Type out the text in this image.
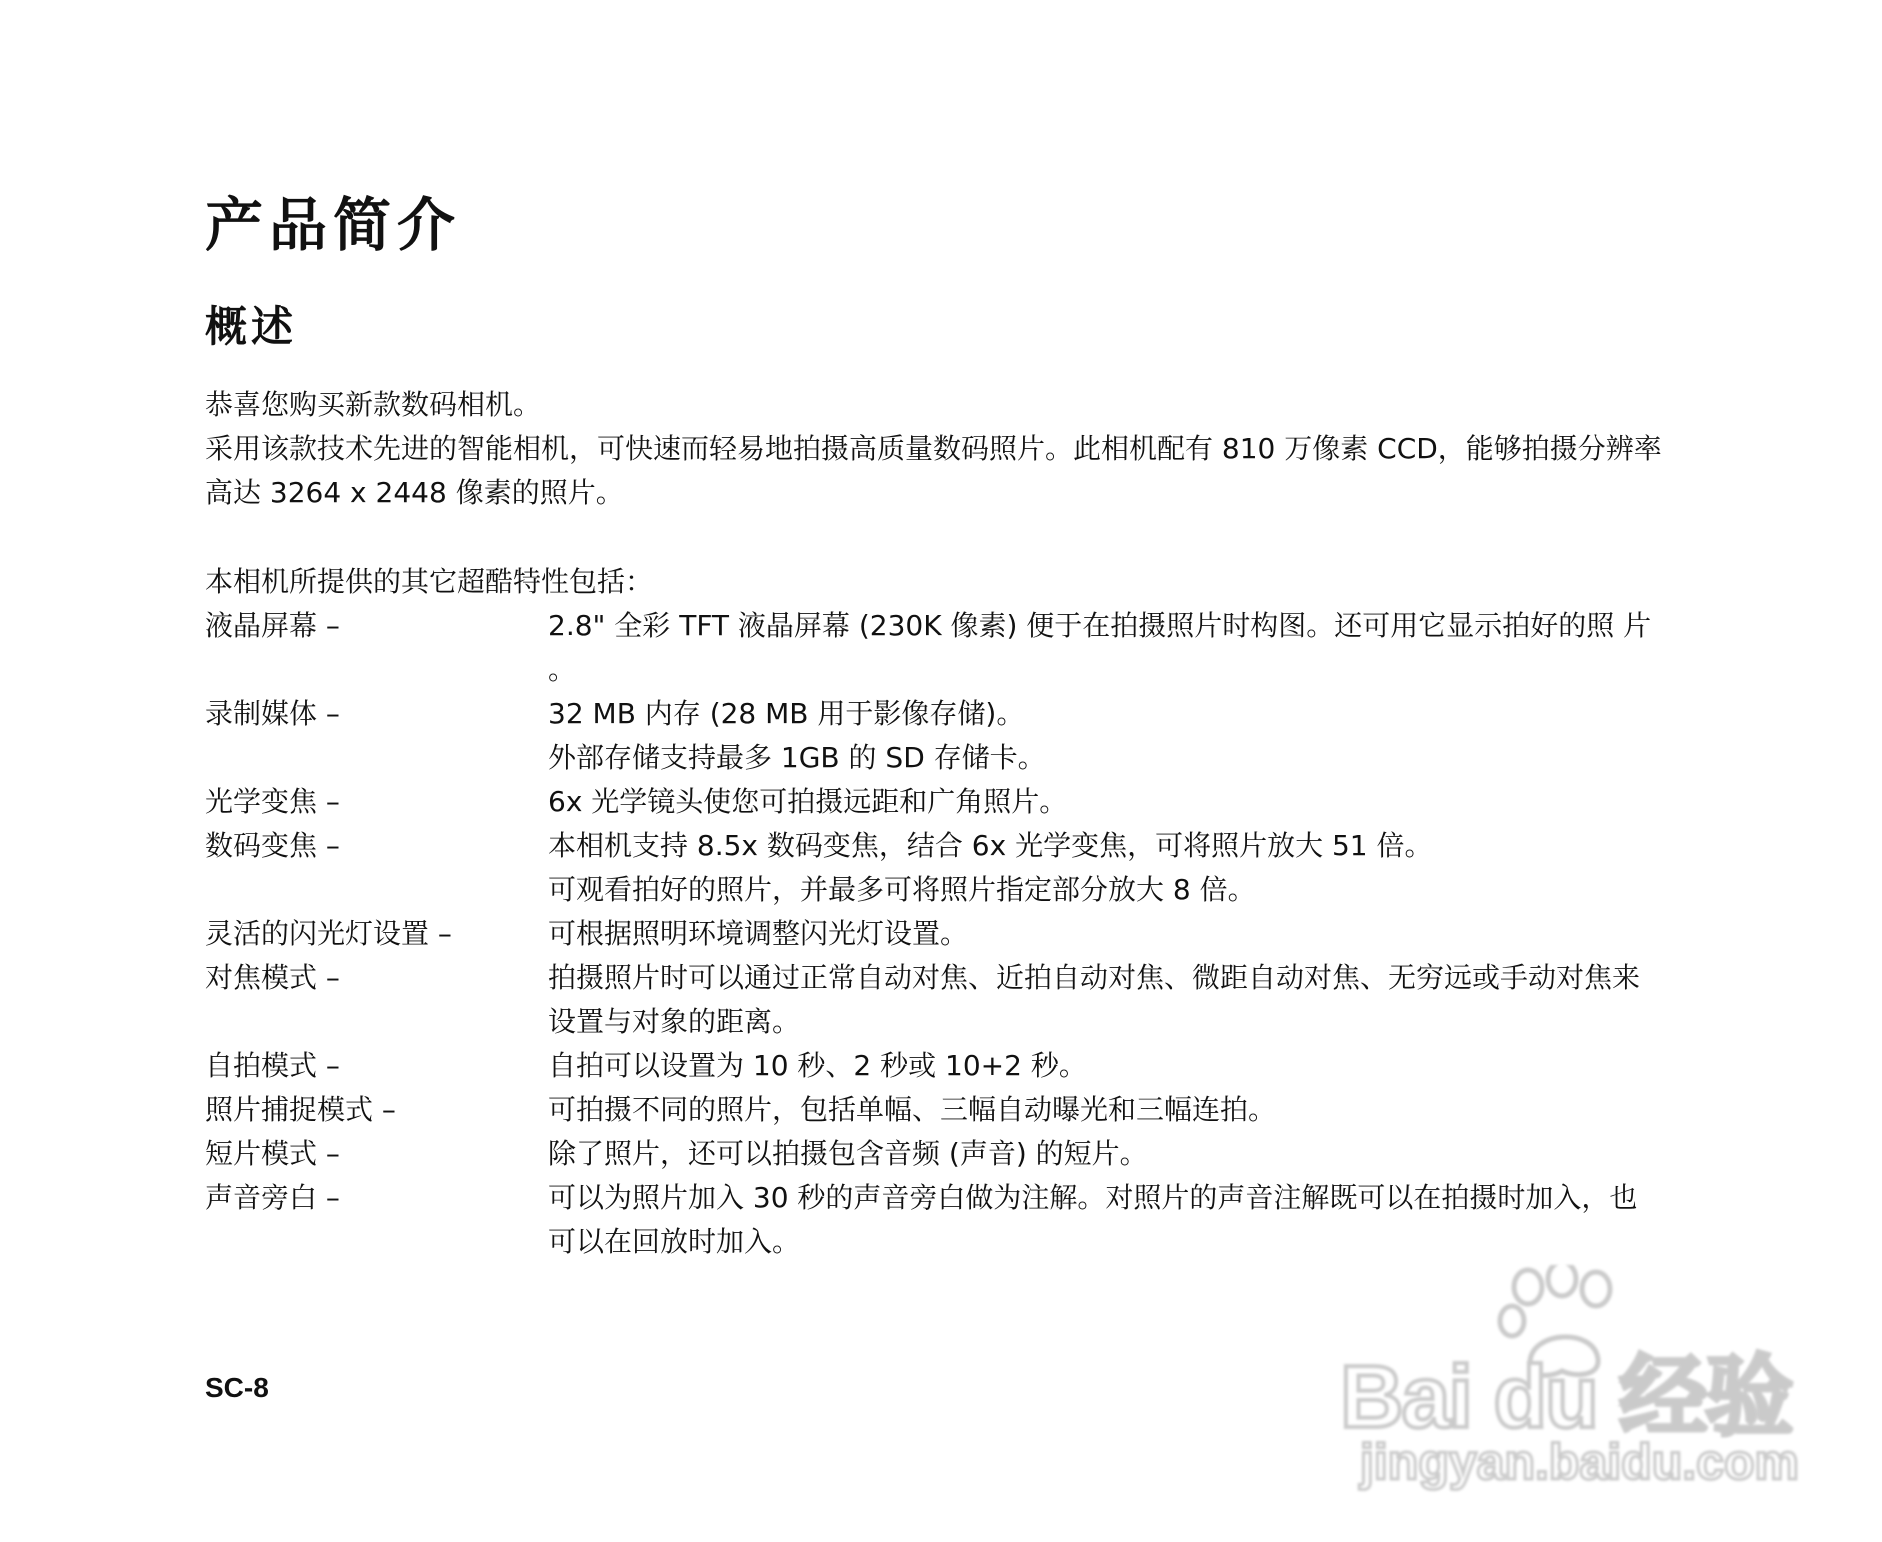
产品简介
概述

恭喜您购买新款数码相机。

采用该款技术先进的智能相机，可快速而轻易地拍摄高质量数码照片。此相机配有 810 万像素 CCD，能够拍摄分辨率高达 3264 x 2448 像素的照片。

本相机所提供的其它超酷特性包括：

液晶屏幕 –	2.8" 全彩 TFT 液晶屏幕 (230K 像素) 便于在拍摄照片时构图。还可用它显示拍好的照 片 。
录制媒体 –	32 MB 内存 (28 MB 用于影像存储)。
外部存储支持最多 1GB 的 SD 存储卡。
光学变焦 –	6x 光学镜头使您可拍摄远距和广角照片。
数码变焦 –	本相机支持 8.5x 数码变焦，结合 6x 光学变焦，可将照片放大 51 倍。
可观看拍好的照片，并最多可将照片指定部分放大 8 倍。
灵活的闪光灯设置 –	可根据照明环境调整闪光灯设置。
对焦模式 –	拍摄照片时可以通过正常自动对焦、近拍自动对焦、微距自动对焦、无穷远或手动对焦来设置与对象的距离。
自拍模式 –	自拍可以设置为 10 秒、2 秒或 10+2 秒。
照片捕捉模式 –	可拍摄不同的照片，包括单幅、三幅自动曝光和三幅连拍。
短片模式 –	除了照片，还可以拍摄包含音频 (声音) 的短片。
声音旁白 –	可以为照片加入 30 秒的声音旁白做为注解。对照片的声音注解既可以在拍摄时加入，也可以在回放时加入。
SC-8	Bai du 经验
jingyan.baidu.com
